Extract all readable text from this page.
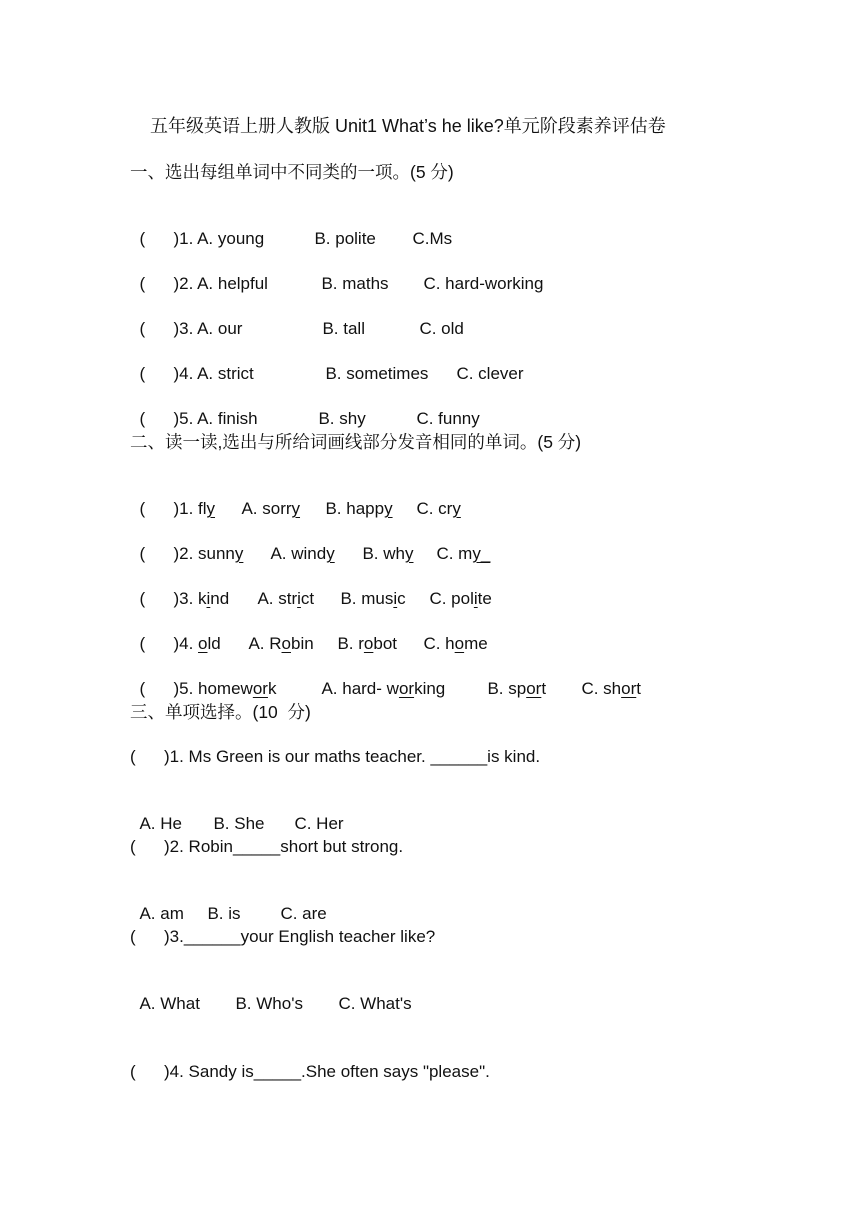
五年级英语上册人教版 Unit1 What’s he like?单元阶段素养评估卷
一、选出每组单词中不同类的一项。(5 分)

(      )1. A. young	B. polite C.Ms

(      )2. A. helpful	B. maths C. hard-working

(      )3. A. our	B. tall	C. old

(      )4. A. strict	B. sometimes C. clever

(      )5. A. finish	B. shy	C. funny

二、读一读,选出与所给词画线部分发音相同的单词。(5 分)

(      )1. fly A. sorry B. happy C. cry

(      )2. sunny A. windy B. why C. my_

(      )3. kind A. strict B. music C. polite

(      )4. old A. Robin B. robot C. home

(      )5. homework	A. hard- working B. sport C. short

三、单项选择。(10  分)
(      )1. Ms Green is our maths teacher. ______is kind.

A. He B. She C. Her

(      )2. Robin_____short but strong.

A. am B. is C. are

(      )3.______your English teacher like?

A. What B. Who's C. What's

(      )4. Sandy is_____.She often says "please".
